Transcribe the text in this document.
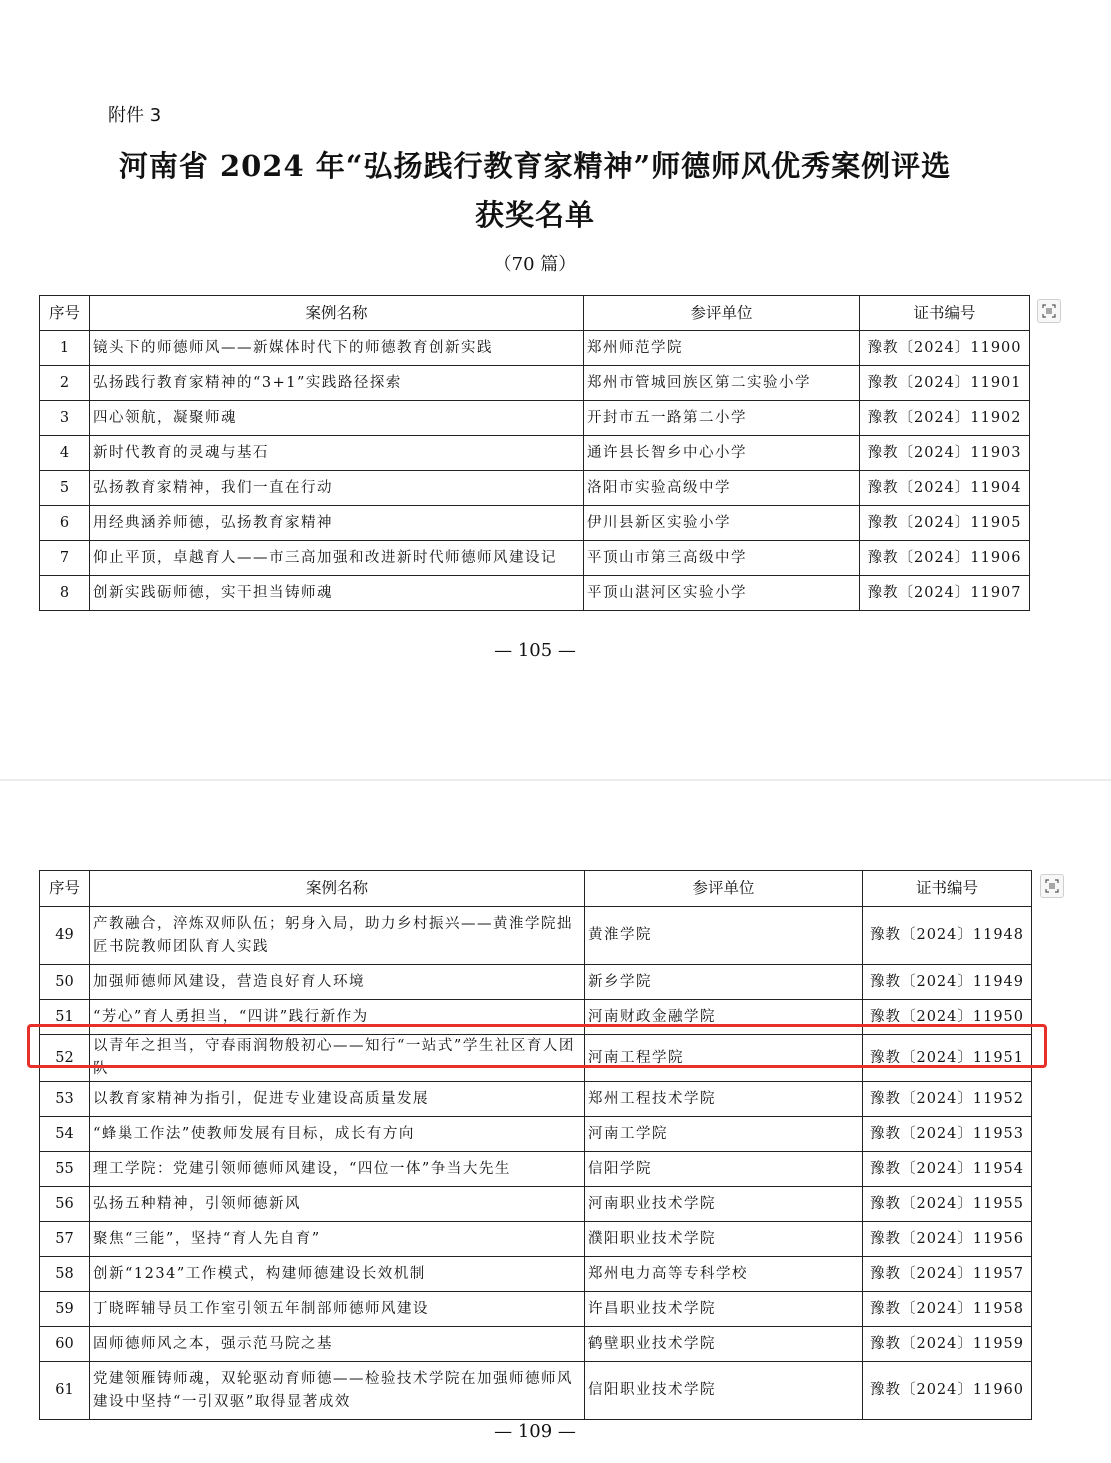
附件 3
河南省 2024 年“弘扬践行教育家精神”师德师风优秀案例评选
获奖名单
（70 篇）
序号	案例名称	参评单位	证书编号
1	镜头下的师德师风——新媒体时代下的师德教育创新实践	郑州师范学院	豫教〔2024〕11900
2	弘扬践行教育家精神的“3+1”实践路径探索	郑州市管城回族区第二实验小学	豫教〔2024〕11901
3	四心领航，凝聚师魂	开封市五一路第二小学	豫教〔2024〕11902
4	新时代教育的灵魂与基石	通许县长智乡中心小学	豫教〔2024〕11903
5	弘扬教育家精神，我们一直在行动	洛阳市实验高级中学	豫教〔2024〕11904
6	用经典涵养师德，弘扬教育家精神	伊川县新区实验小学	豫教〔2024〕11905
7	仰止平顶，卓越育人——市三高加强和改进新时代师德师风建设记	平顶山市第三高级中学	豫教〔2024〕11906
8	创新实践砺师德，实干担当铸师魂	平顶山湛河区实验小学	豫教〔2024〕11907
— 105 —
序号	案例名称	参评单位	证书编号
49	产教融合，淬炼双师队伍；躬身入局，助力乡村振兴——黄淮学院拙匠书院教师团队育人实践	黄淮学院	豫教〔2024〕11948
50	加强师德师风建设，营造良好育人环境	新乡学院	豫教〔2024〕11949
51	“芳心”育人勇担当，“四讲”践行新作为	河南财政金融学院	豫教〔2024〕11950
52	以青年之担当，守春雨润物般初心——知行“一站式”学生社区育人团队	河南工程学院	豫教〔2024〕11951
53	以教育家精神为指引，促进专业建设高质量发展	郑州工程技术学院	豫教〔2024〕11952
54	“蜂巢工作法”使教师发展有目标，成长有方向	河南工学院	豫教〔2024〕11953
55	理工学院：党建引领师德师风建设，“四位一体”争当大先生	信阳学院	豫教〔2024〕11954
56	弘扬五种精神，引领师德新风	河南职业技术学院	豫教〔2024〕11955
57	聚焦“三能”，坚持“育人先自育”	濮阳职业技术学院	豫教〔2024〕11956
58	创新“1234”工作模式，构建师德建设长效机制	郑州电力高等专科学校	豫教〔2024〕11957
59	丁晓晖辅导员工作室引领五年制部师德师风建设	许昌职业技术学院	豫教〔2024〕11958
60	固师德师风之本，强示范马院之基	鹤壁职业技术学院	豫教〔2024〕11959
61	党建领雁铸师魂，双轮驱动育师德——检验技术学院在加强师德师风建设中坚持“一引双驱”取得显著成效	信阳职业技术学院	豫教〔2024〕11960
— 109 —
